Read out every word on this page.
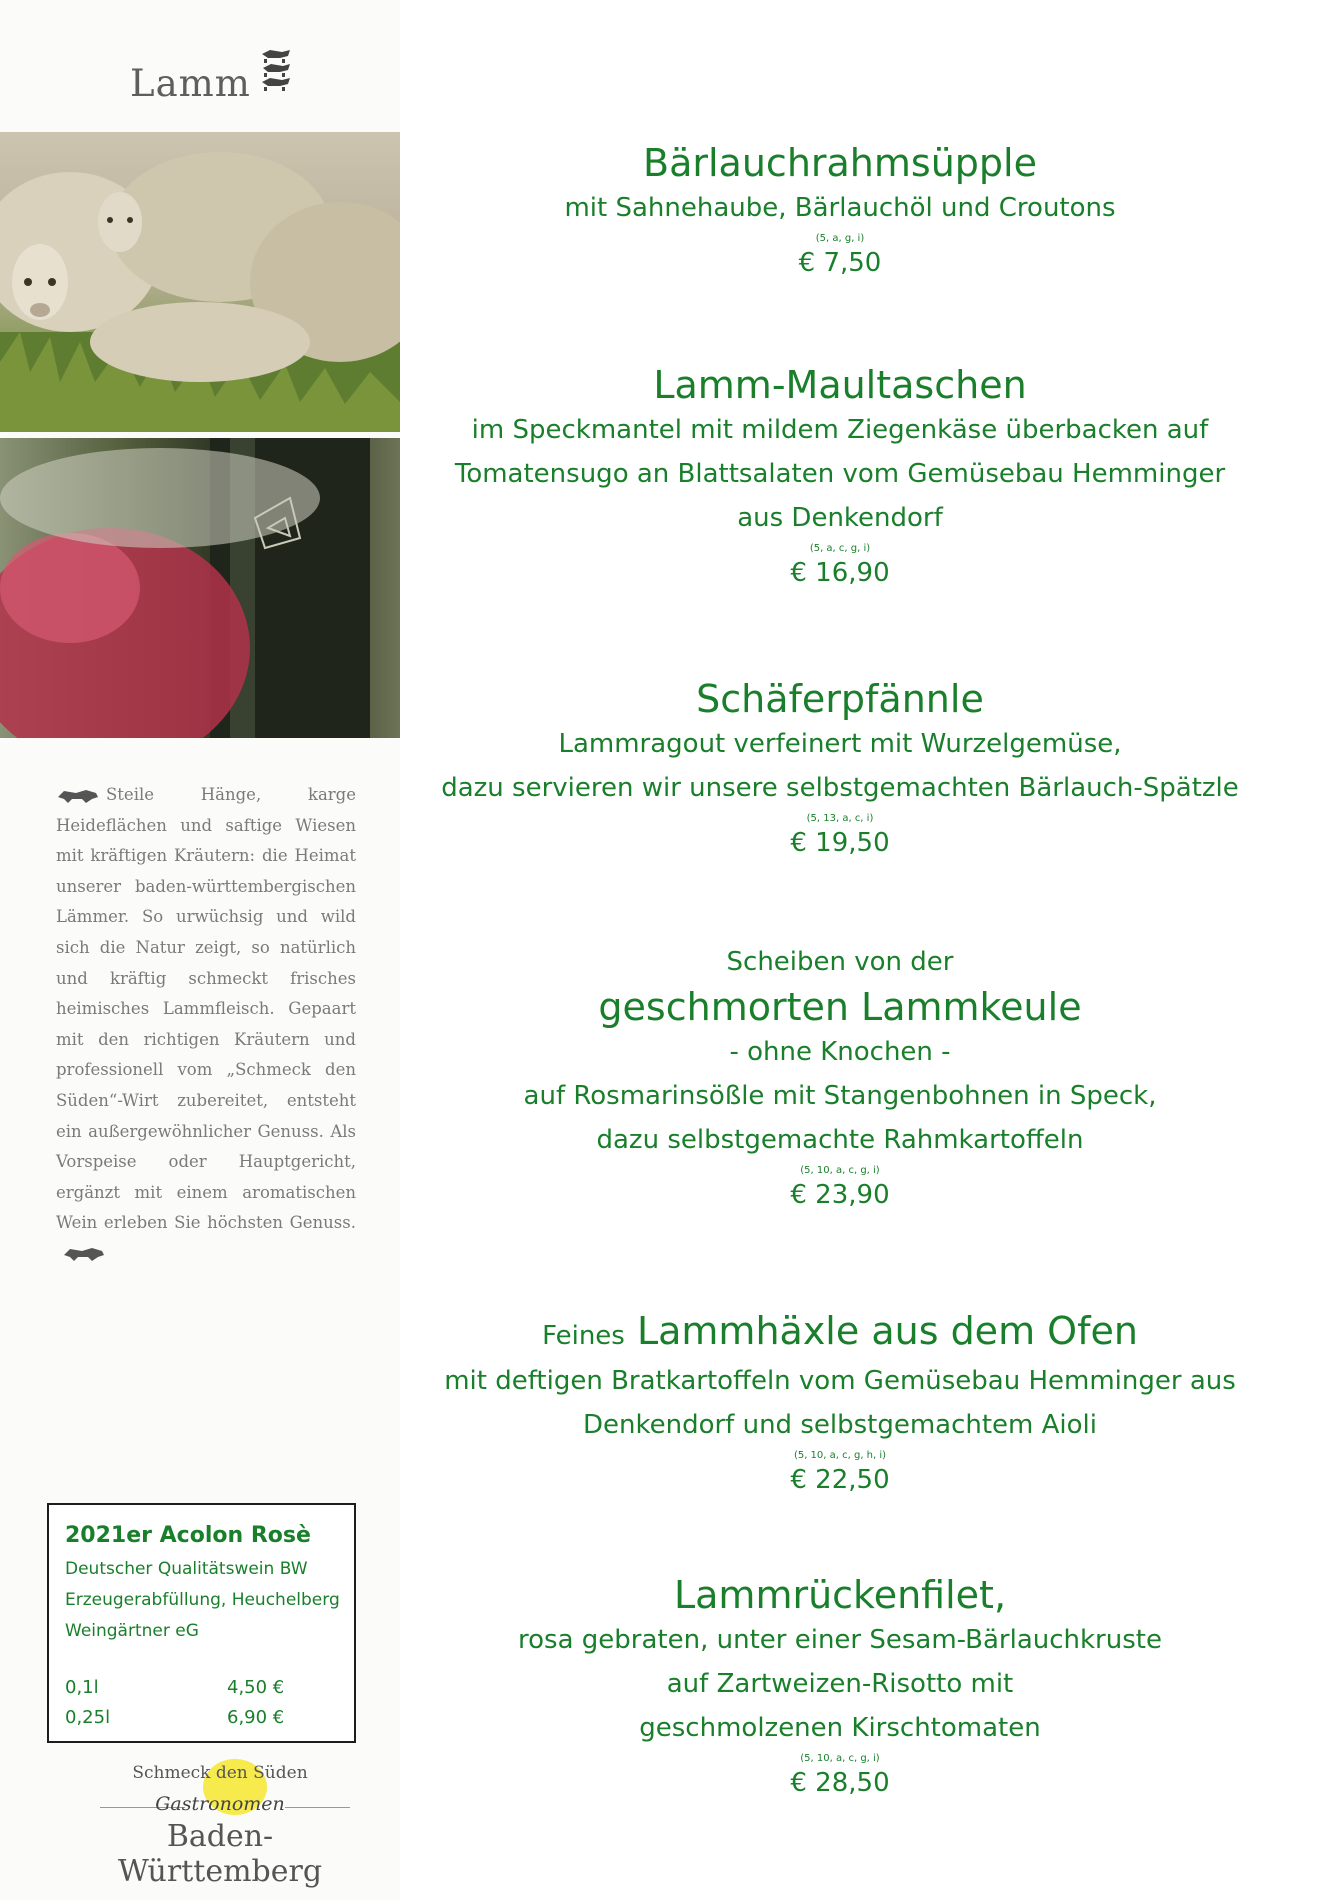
Lamm
Steile Hänge, karge Heideflächen und saftige Wiesen mit kräftigen Kräutern: die Heimat unserer baden-württembergischen Lämmer. So urwüchsig und wild sich die Natur zeigt, so natürlich und kräftig schmeckt frisches heimisches Lammfleisch. Gepaart mit den richtigen Kräutern und professionell vom „Schmeck den Süden“-Wirt zubereitet, entsteht ein außergewöhnlicher Genuss. Als Vorspeise oder Hauptgericht, ergänzt mit einem aromatischen Wein erleben Sie höchsten Genuss.
2021er Acolon Rosè
Deutscher Qualitätswein BW
Erzeugerabfüllung, Heuchelberg
Weingärtner eG
0,1l	4,50 €
0,25l	6,90 €
Schmeck den Süden
Gastronomen
Baden-Württemberg
Bärlauchrahmsüpple
mit Sahnehaube, Bärlauchöl und Croutons
(5, a, g, i)
€ 7,50
Lamm-Maultaschen
im Speckmantel mit mildem Ziegenkäse überbacken auf
Tomatensugo an Blattsalaten vom Gemüsebau Hemminger
aus Denkendorf
(5, a, c, g, i)
€ 16,90
Schäferpfännle
Lammragout verfeinert mit Wurzelgemüse,
dazu servieren wir unsere selbstgemachten Bärlauch-Spätzle
(5, 13, a, c, i)
€ 19,50
Scheiben von der
geschmorten Lammkeule
- ohne Knochen -
auf Rosmarinsößle mit Stangenbohnen in Speck,
dazu selbstgemachte Rahmkartoffeln
(5, 10, a, c, g, i)
€ 23,90
Feines Lammhäxle aus dem Ofen
mit deftigen Bratkartoffeln vom Gemüsebau Hemminger aus
Denkendorf und selbstgemachtem Aioli
(5, 10, a, c, g, h, i)
€ 22,50
Lammrückenfilet,
rosa gebraten, unter einer Sesam-Bärlauchkruste
auf Zartweizen-Risotto mit
geschmolzenen Kirschtomaten
(5, 10, a, c, g, i)
€ 28,50
